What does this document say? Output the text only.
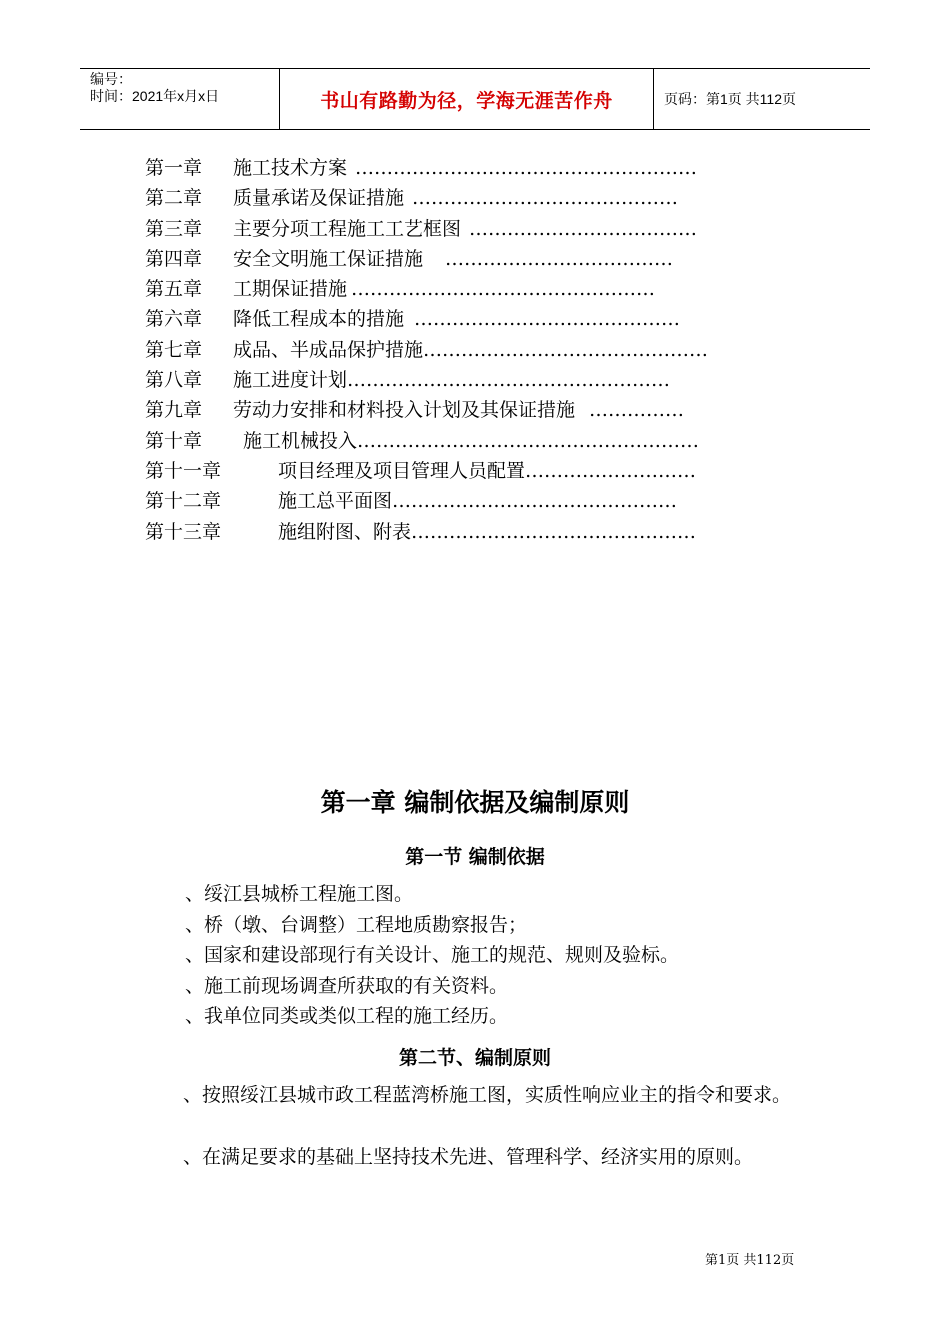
编号：
时间：2021年x月x日	书山有路勤为径，学海无涯苦作舟	页码：第1页 共112页
第一章	施工技术方案 ………………………………………………
第二章	质量承诺及保证措施 ……………………………………
第三章	主要分项工程施工工艺框图 ………………………………
第四章	安全文明施工保证措施 ………………………………
第五章	工期保证措施 …………………………………………
第六章	降低工程成本的措施 ……………………………………
第七章	成品、半成品保护措施 ………………………………………
第八章	施工进度计划 ……………………………………………
第九章	劳动力安排和材料投入计划及其保证措施 ……………
第十章	施工机械投入 ………………………………………………
第十一章	项目经理及项目管理人员配置 ………………………
第十二章	施工总平面图 ………………………………………
第十三章	施组附图、附表 ………………………………………
第一章 编制依据及编制原则
第一节 编制依据
、绥江县城桥工程施工图。
、桥（墩、台调整）工程地质勘察报告；
、国家和建设部现行有关设计、施工的规范、规则及验标。
、施工前现场调查所获取的有关资料。
、我单位同类或类似工程的施工经历。
第二节、编制原则
、按照绥江县城市政工程蓝湾桥施工图，实质性响应业主的指令和要求。
、在满足要求的基础上坚持技术先进、管理科学、经济实用的原则。
第1页 共112页
